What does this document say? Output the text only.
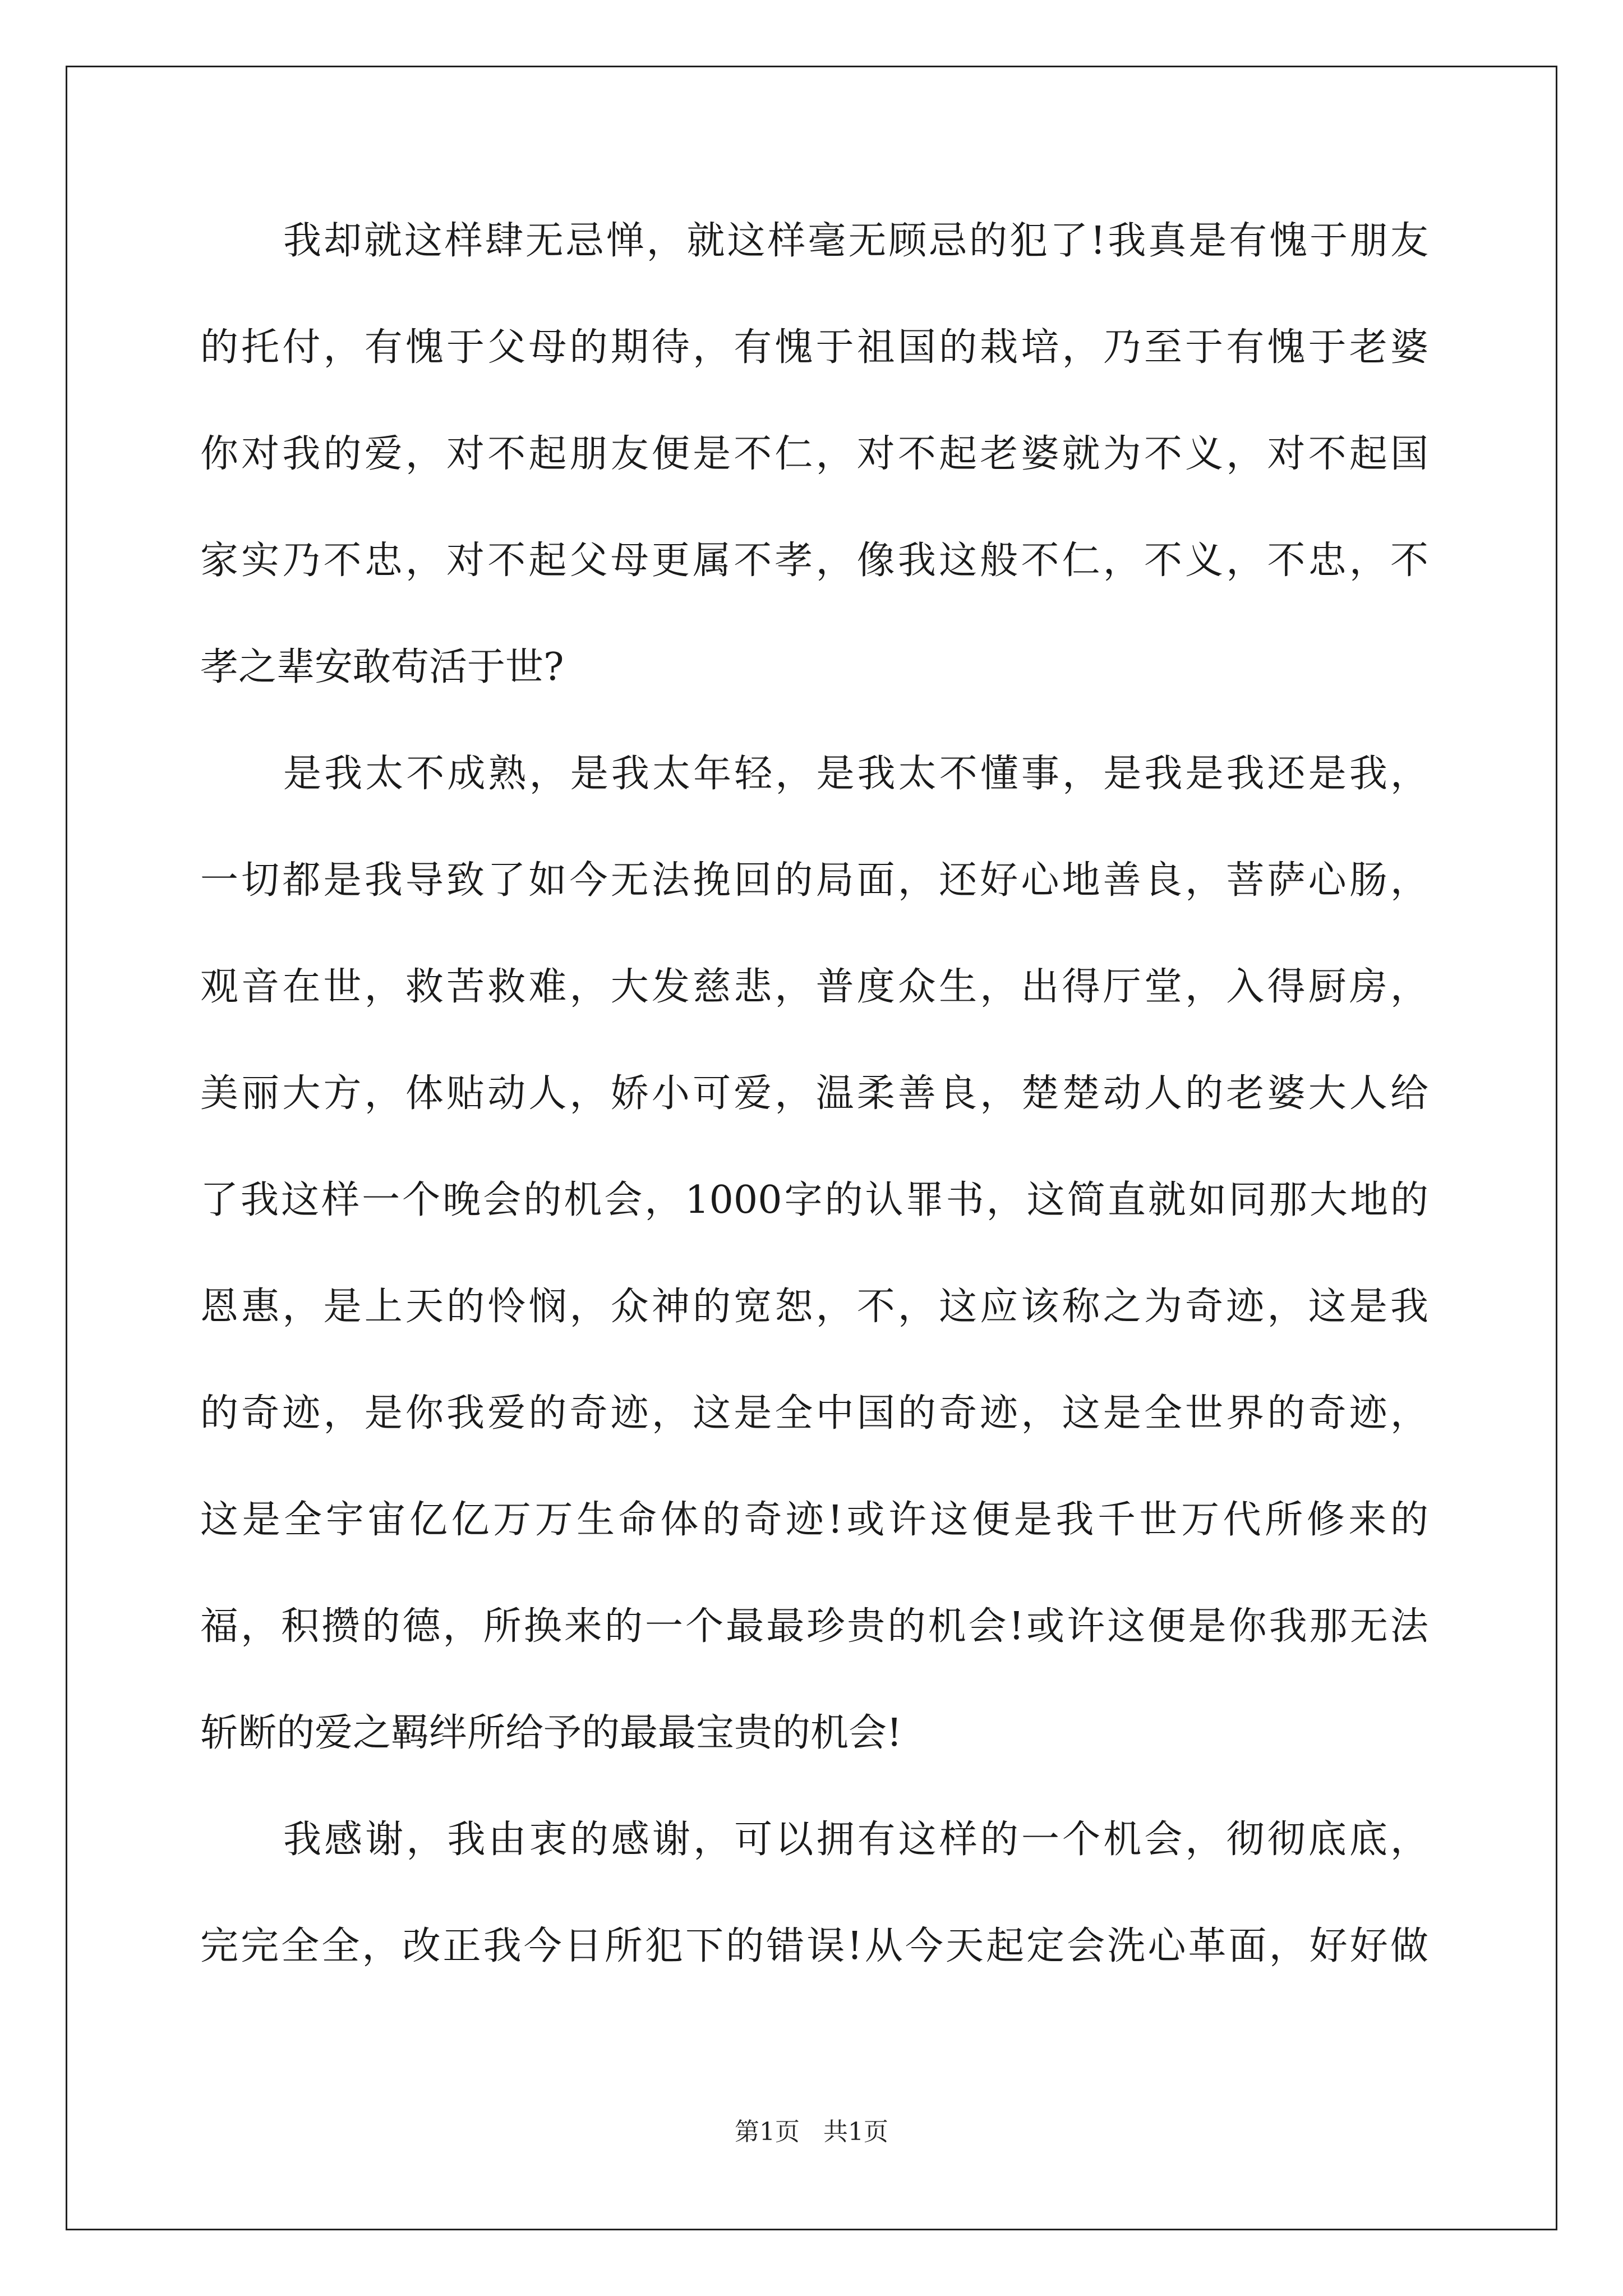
我却就这样肆无忌惮，就这样毫无顾忌的犯了!我真是有愧于朋友
的托付，有愧于父母的期待，有愧于祖国的栽培，乃至于有愧于老婆
你对我的爱，对不起朋友便是不仁，对不起老婆就为不义，对不起国
家实乃不忠，对不起父母更属不孝，像我这般不仁，不义，不忠，不
孝之辈安敢苟活于世?
是我太不成熟，是我太年轻，是我太不懂事，是我是我还是我，
一切都是我导致了如今无法挽回的局面，还好心地善良，菩萨心肠，
观音在世，救苦救难，大发慈悲，普度众生，出得厅堂，入得厨房，
美丽大方，体贴动人，娇小可爱，温柔善良，楚楚动人的老婆大人给
了我这样一个晚会的机会，1000字的认罪书，这简直就如同那大地的
恩惠，是上天的怜悯，众神的宽恕，不，这应该称之为奇迹，这是我
的奇迹，是你我爱的奇迹，这是全中国的奇迹，这是全世界的奇迹，
这是全宇宙亿亿万万生命体的奇迹!或许这便是我千世万代所修来的
福，积攒的德，所换来的一个最最珍贵的机会!或许这便是你我那无法
斩断的爱之羁绊所给予的最最宝贵的机会!
我感谢，我由衷的感谢，可以拥有这样的一个机会，彻彻底底，
完完全全，改正我今日所犯下的错误!从今天起定会洗心革面，好好做
第1页   共1页
